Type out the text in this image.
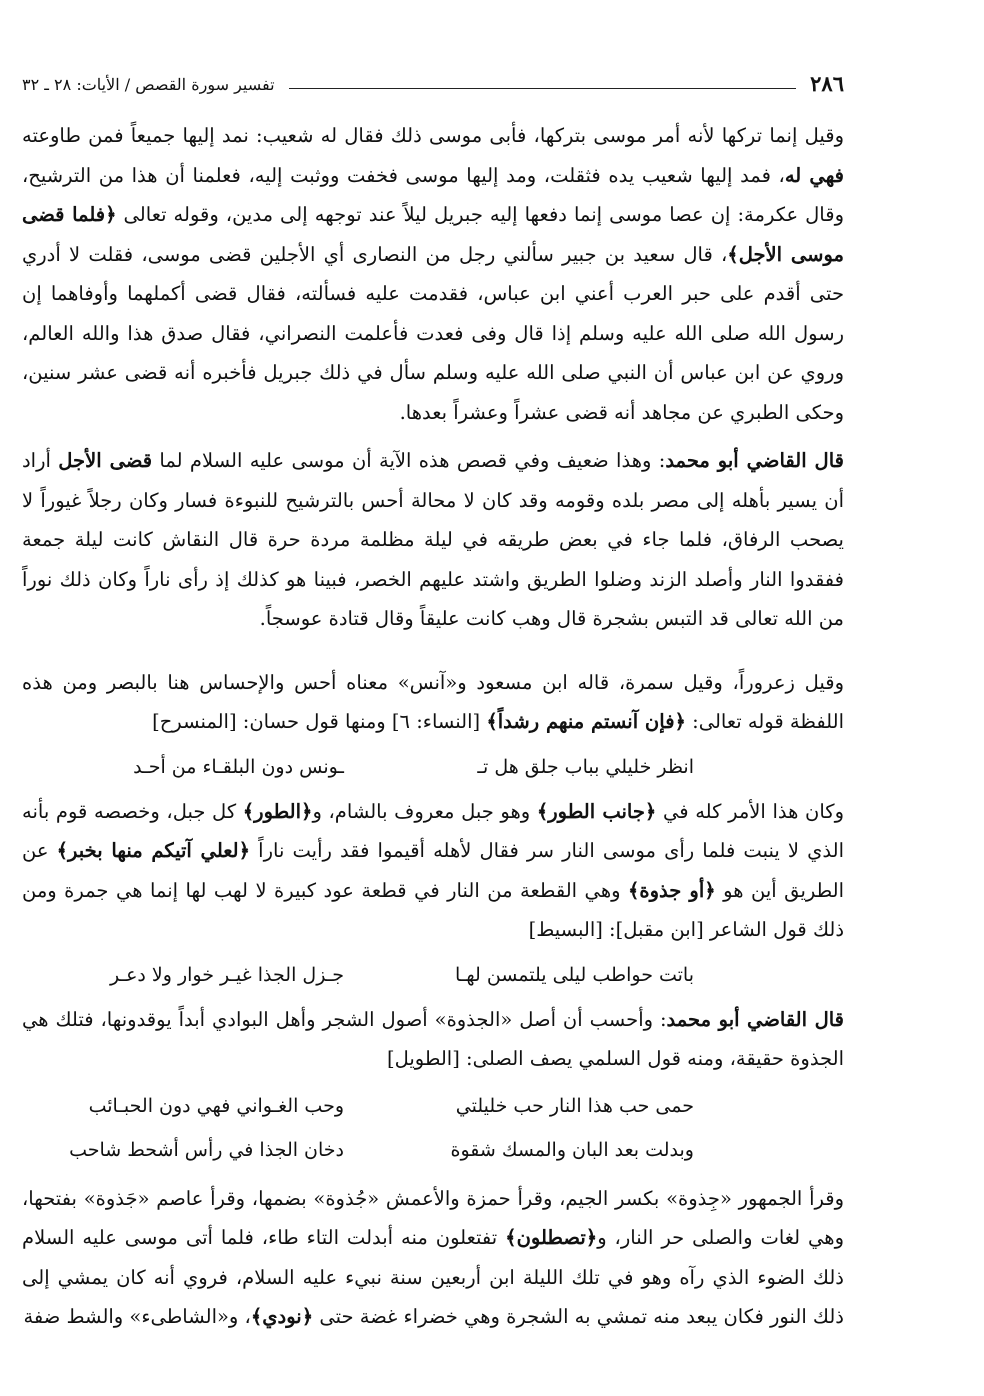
٢٨٦
تفسير سورة القصص / الأيات: ٢٨ ـ ٣٢

وقيل إنما تركها لأنه أمر موسى بتركها، فأبى موسى ذلك فقال له شعيب: نمد إليها جميعاً فمن طاوعته فهي له، فمد إليها شعيب يده فثقلت، ومد إليها موسى فخفت ووثبت إليه، فعلمنا أن هذا من الترشيح، وقال عكرمة: إن عصا موسى إنما دفعها إليه جبريل ليلاً عند توجهه إلى مدين، وقوله تعالى ﴿فلما قضى موسى الأجل﴾، قال سعيد بن جبير سألني رجل من النصارى أي الأجلين قضى موسى، فقلت لا أدري حتى أقدم على حبر العرب أعني ابن عباس، فقدمت عليه فسألته، فقال قضى أكملهما وأوفاهما إن رسول الله صلى الله عليه وسلم إذا قال وفى فعدت فأعلمت النصراني، فقال صدق هذا والله العالم، وروي عن ابن عباس أن النبي صلى الله عليه وسلم سأل في ذلك جبريل فأخبره أنه قضى عشر سنين، وحكى الطبري عن مجاهد أنه قضى عشراً وعشراً بعدها.

قال القاضي أبو محمد: وهذا ضعيف وفي قصص هذه الآية أن موسى عليه السلام لما قضى الأجل أراد أن يسير بأهله إلى مصر بلده وقومه وقد كان لا محالة أحس بالترشيح للنبوءة فسار وكان رجلاً غيوراً لا يصحب الرفاق، فلما جاء في بعض طريقه في ليلة مظلمة مردة حرة قال النقاش كانت ليلة جمعة ففقدوا النار وأصلد الزند وضلوا الطريق واشتد عليهم الخصر، فبينا هو كذلك إذ رأى ناراً وكان ذلك نوراً من الله تعالى قد التبس بشجرة قال وهب كانت عليقاً وقال قتادة عوسجاً.

وقيل زعروراً، وقيل سمرة، قاله ابن مسعود و«آنس» معناه أحس والإحساس هنا بالبصر ومن هذه اللفظة قوله تعالى: ﴿فإن آنستم منهم رشداً﴾ [النساء: ٦] ومنها قول حسان: [المنسرح]

انظر خليلي بباب جلق هل تـ
ـونس دون البلقـاء من أحـد

وكان هذا الأمر كله في ﴿جانب الطور﴾ وهو جبل معروف بالشام، و﴿الطور﴾ كل جبل، وخصصه قوم بأنه الذي لا ينبت فلما رأى موسى النار سر فقال لأهله أقيموا فقد رأيت ناراً ﴿لعلي آتيكم منها بخبر﴾ عن الطريق أين هو ﴿أو جذوة﴾ وهي القطعة من النار في قطعة عود كبيرة لا لهب لها إنما هي جمرة ومن ذلك قول الشاعر [ابن مقبل]: [البسيط]

باتت حواطب ليلى يلتمسن لهـا
جـزل الجذا غيـر خوار ولا دعـر

قال القاضي أبو محمد: وأحسب أن أصل «الجذوة» أصول الشجر وأهل البوادي أبداً يوقدونها، فتلك هي الجذوة حقيقة، ومنه قول السلمي يصف الصلى: [الطويل]

حمى حب هذا النار حب خليلتي
وحب الغـواني فهي دون الحبـائب
وبدلت بعد البان والمسك شقوة
دخان الجذا في رأس أشحط شاحب

وقرأ الجمهور «جِذوة» بكسر الجيم، وقرأ حمزة والأعمش «جُذوة» بضمها، وقرأ عاصم «جَذوة» بفتحها، وهي لغات والصلى حر النار، و﴿تصطلون﴾ تفتعلون منه أبدلت التاء طاء، فلما أتى موسى عليه السلام ذلك الضوء الذي رآه وهو في تلك الليلة ابن أربعين سنة نبيء عليه السلام، فروي أنه كان يمشي إلى ذلك النور فكان يبعد منه تمشي به الشجرة وهي خضراء غضة حتى ﴿نودي﴾، و«الشاطىء» والشط ضفة
